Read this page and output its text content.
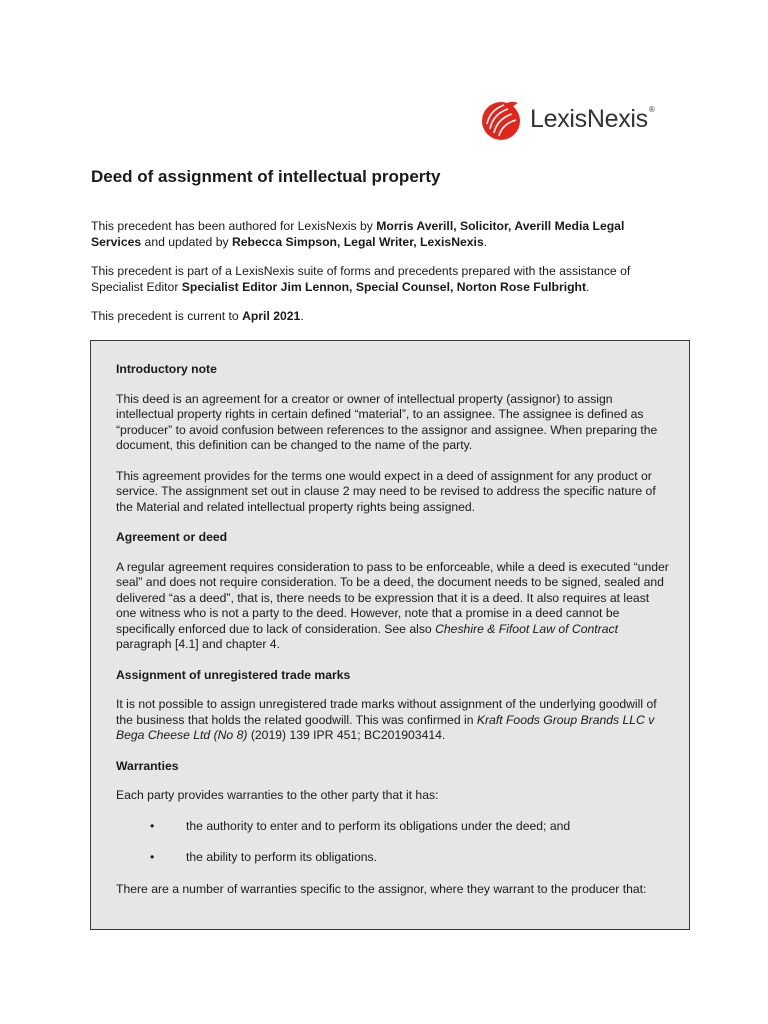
LexisNexis®
Deed of assignment of intellectual property

This precedent has been authored for LexisNexis by Morris Averill, Solicitor, Averill Media Legal Services and updated by Rebecca Simpson, Legal Writer, LexisNexis.

This precedent is part of a LexisNexis suite of forms and precedents prepared with the assistance of Specialist Editor Specialist Editor Jim Lennon, Special Counsel, Norton Rose Fulbright.

This precedent is current to April 2021.

Introductory note

This deed is an agreement for a creator or owner of intellectual property (assignor) to assign intellectual property rights in certain defined “material”, to an assignee. The assignee is defined as “producer” to avoid confusion between references to the assignor and assignee. When preparing the document, this definition can be changed to the name of the party.

This agreement provides for the terms one would expect in a deed of assignment for any product or service. The assignment set out in clause 2 may need to be revised to address the specific nature of the Material and related intellectual property rights being assigned.

Agreement or deed

A regular agreement requires consideration to pass to be enforceable, while a deed is executed “under seal” and does not require consideration. To be a deed, the document needs to be signed, sealed and delivered “as a deed”, that is, there needs to be expression that it is a deed. It also requires at least one witness who is not a party to the deed. However, note that a promise in a deed cannot be specifically enforced due to lack of consideration. See also Cheshire & Fifoot Law of Contract paragraph [4.1] and chapter 4.

Assignment of unregistered trade marks

It is not possible to assign unregistered trade marks without assignment of the underlying goodwill of the business that holds the related goodwill. This was confirmed in Kraft Foods Group Brands LLC v Bega Cheese Ltd (No 8) (2019) 139 IPR 451; BC201903414.

Warranties

Each party provides warranties to the other party that it has:

•	the authority to enter and to perform its obligations under the deed; and
•	the ability to perform its obligations.

There are a number of warranties specific to the assignor, where they warrant to the producer that:
